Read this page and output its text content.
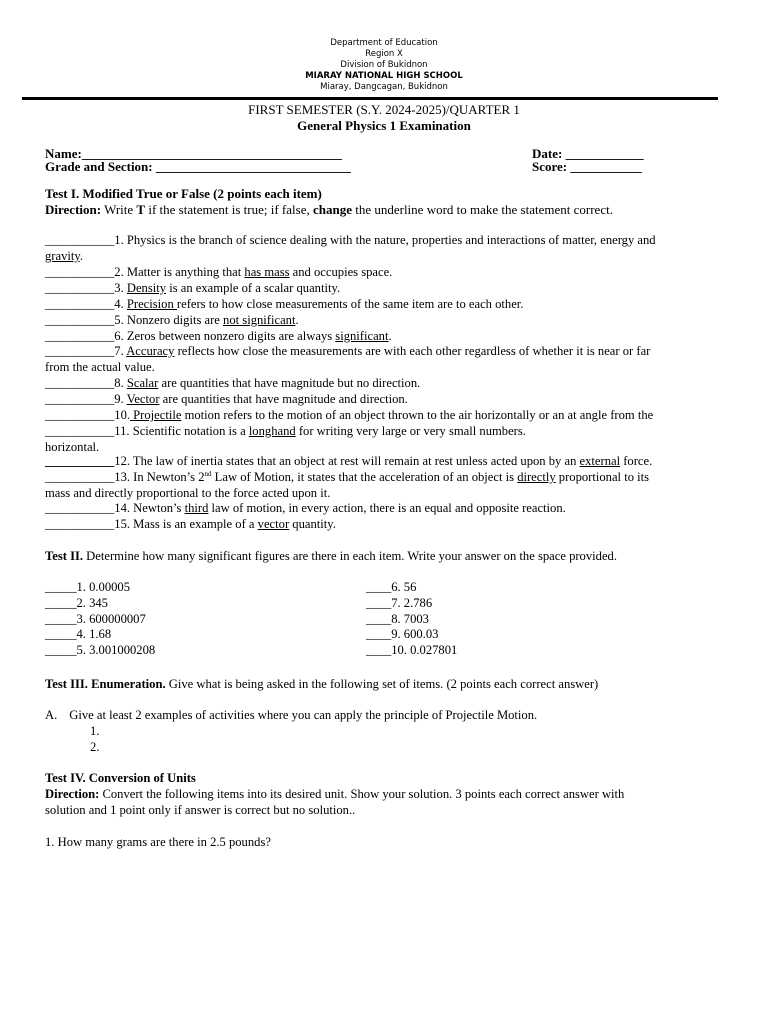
Department of Education
Region X
Division of Bukidnon
MIARAY NATIONAL HIGH SCHOOL
Miaray, Dangcagan, Bukidnon
FIRST SEMESTER (S.Y. 2024-2025)/QUARTER 1
General Physics 1 Examination
Name:________________________________________
Grade and Section: ______________________________
Date: ____________
Score: ___________
Test I. Modified True or False (2 points each item)
Direction: Write T if the statement is true; if false, change the underline word to make the statement correct.
___________1. Physics is the branch of science dealing with the nature, properties and interactions of matter, energy and
gravity.
___________2. Matter is anything that has mass and occupies space.
___________3. Density is an example of a scalar quantity.
___________4. Precision refers to how close measurements of the same item are to each other.
___________5. Nonzero digits are not significant.
___________6. Zeros between nonzero digits are always significant.
___________7. Accuracy reflects how close the measurements are with each other regardless of whether it is near or far
from the actual value.
___________8. Scalar are quantities that have magnitude but no direction.
___________9. Vector are quantities that have magnitude and direction.
___________10. Projectile motion refers to the motion of an object thrown to the air horizontally or an at angle from the
___________11. Scientific notation is a longhand for writing very large or very small numbers.
horizontal.
___________12. The law of inertia states that an object at rest will remain at rest unless acted upon by an external force.
___________13. In Newton’s 2nd Law of Motion, it states that the acceleration of an object is directly proportional to its
mass and directly proportional to the force acted upon it.
___________14. Newton’s third law of motion, in every action, there is an equal and opposite reaction.
___________15. Mass is an example of a vector quantity.
Test II. Determine how many significant figures are there in each item. Write your answer on the space provided.
_____1. 0.00005
_____2. 345
_____3. 600000007
_____4. 1.68
_____5. 3.001000208
____6. 56
____7. 2.786
____8. 7003
____9. 600.03
____10. 0.027801
Test III. Enumeration. Give what is being asked in the following set of items. (2 points each correct answer)
A. Give at least 2 examples of activities where you can apply the principle of Projectile Motion.
1.
2.
Test IV. Conversion of Units
Direction: Convert the following items into its desired unit. Show your solution. 3 points each correct answer with
solution and 1 point only if answer is correct but no solution..
1. How many grams are there in 2.5 pounds?
